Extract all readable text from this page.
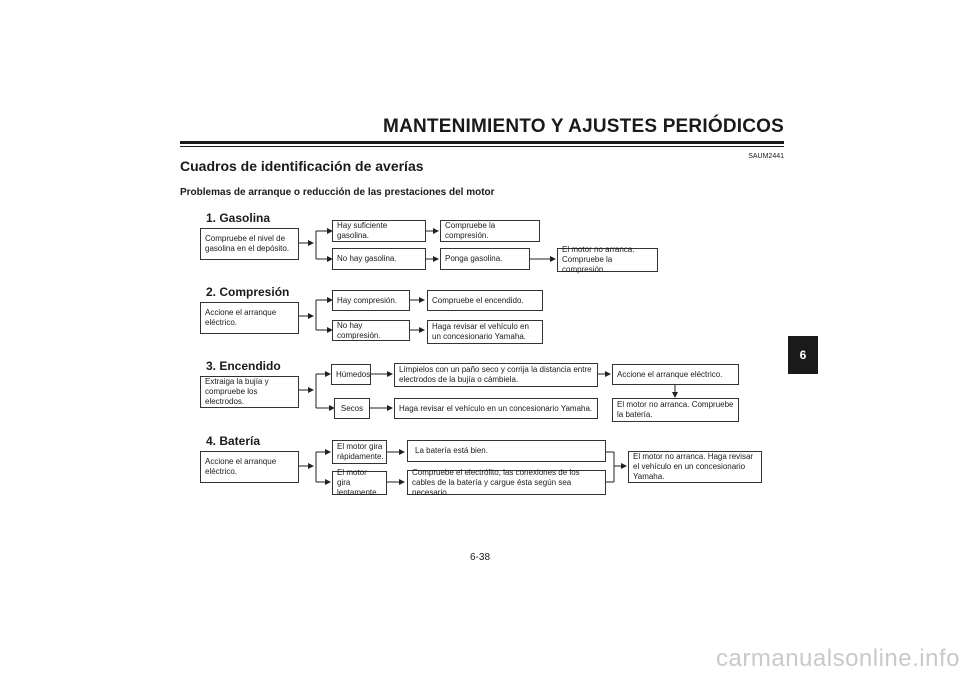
MANTENIMIENTO Y AJUSTES PERIÓDICOS
SAUM2441
Cuadros de identificación de averías
Problemas de arranque o reducción de las prestaciones del motor
1. Gasolina
Compruebe el nivel de gasolina en el depósito.
Hay suficiente gasolina.
Compruebe la compresión.
No hay gasolina.	Ponga gasolina.
El motor no arranca. Compruebe la compresión.
2. Compresión
Accione el arranque eléctrico.
Hay compresión.	Compruebe el encendido.
No hay compresión.
Haga revisar el vehículo en un concesionario Yamaha.
3. Encendido
Extraiga la bujía y compruebe los electrodos.
Húmedos	Límpielos con un paño seco y corrija la distancia entre electrodos de la bujía o cámbiela.
Accione el arranque eléctrico.
El motor no arranca. Compruebe la batería.
Secos	Haga revisar el vehículo en un concesionario Yamaha.
4. Batería
Accione el arranque eléctrico.
El motor gira rápidamente.
La batería está bien.
El motor gira lentamente.
Compruebe el electrólito, las conexiones de los cables de la batería y cargue ésta según sea necesario.
El motor no arranca. Haga revisar el vehículo en un concesionario Yamaha.
6
6-38
carmanualsonline.info
